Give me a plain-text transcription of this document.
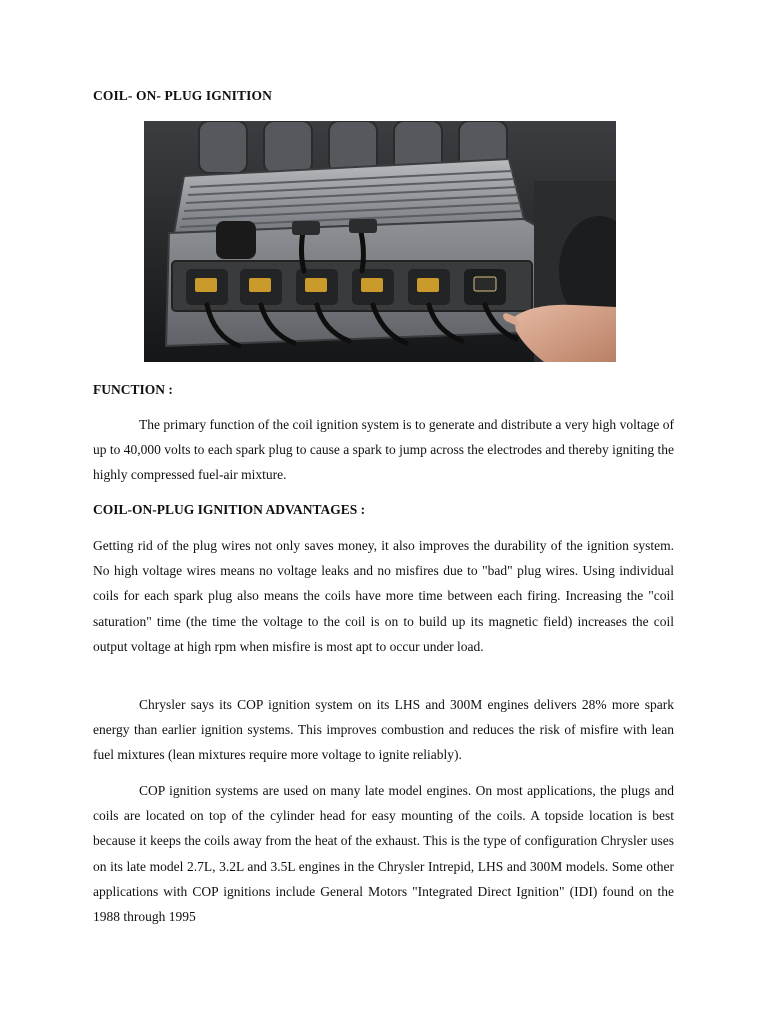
COIL- ON- PLUG IGNITION
FUNCTION :

The primary function of the coil ignition system is to generate and distribute a very high voltage of up to 40,000 volts to each spark plug to cause a spark to jump across the electrodes and thereby igniting the highly compressed fuel-air mixture.

COIL-ON-PLUG IGNITION ADVANTAGES :

Getting rid of the plug wires not only saves money, it also improves the durability of the ignition system. No high voltage wires means no voltage leaks and no misfires due to "bad" plug wires. Using individual coils for each spark plug also means the coils have more time between each firing. Increasing the "coil saturation" time (the time the voltage to the coil is on to build up its magnetic field) increases the coil output voltage at high rpm when misfire is most apt to occur under load.

Chrysler says its COP ignition system on its LHS and 300M engines delivers 28% more spark energy than earlier ignition systems. This improves combustion and reduces the risk of misfire with lean fuel mixtures (lean mixtures require more voltage to ignite reliably).

COP ignition systems are used on many late model engines. On most applications, the plugs and coils are located on top of the cylinder head for easy mounting of the coils. A topside location is best because it keeps the coils away from the heat of the exhaust. This is the type of configuration Chrysler uses on its late model 2.7L, 3.2L and 3.5L engines in the Chrysler Intrepid, LHS and 300M models. Some other applications with COP ignitions include General Motors "Integrated Direct Ignition" (IDI) found on the 1988 through 1995
